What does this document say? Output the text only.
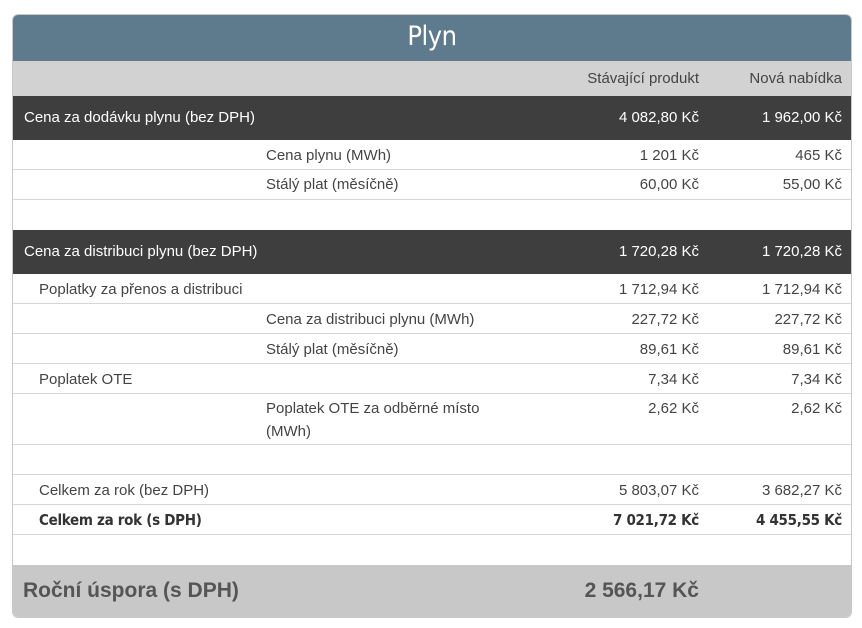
Plyn
Stávající produkt	Nová nabídka
Cena za dodávku plynu (bez DPH)	4 082,80 Kč	1 962,00 Kč
Cena plynu (MWh)	1 201 Kč	465 Kč
Stálý plat (měsíčně)	60,00 Kč	55,00 Kč
Cena za distribuci plynu (bez DPH)	1 720,28 Kč	1 720,28 Kč
Poplatky za přenos a distribuci	1 712,94 Kč	1 712,94 Kč
Cena za distribuci plynu (MWh)	227,72 Kč	227,72 Kč
Stálý plat (měsíčně)	89,61 Kč	89,61 Kč
Poplatek OTE	7,34 Kč	7,34 Kč
Poplatek OTE za odběrné místo
(MWh)
2,62 Kč	2,62 Kč
Celkem za rok (bez DPH)	5 803,07 Kč	3 682,27 Kč
Celkem za rok (s DPH)	7 021,72 Kč	4 455,55 Kč
Roční úspora (s DPH)	2 566,17 Kč
